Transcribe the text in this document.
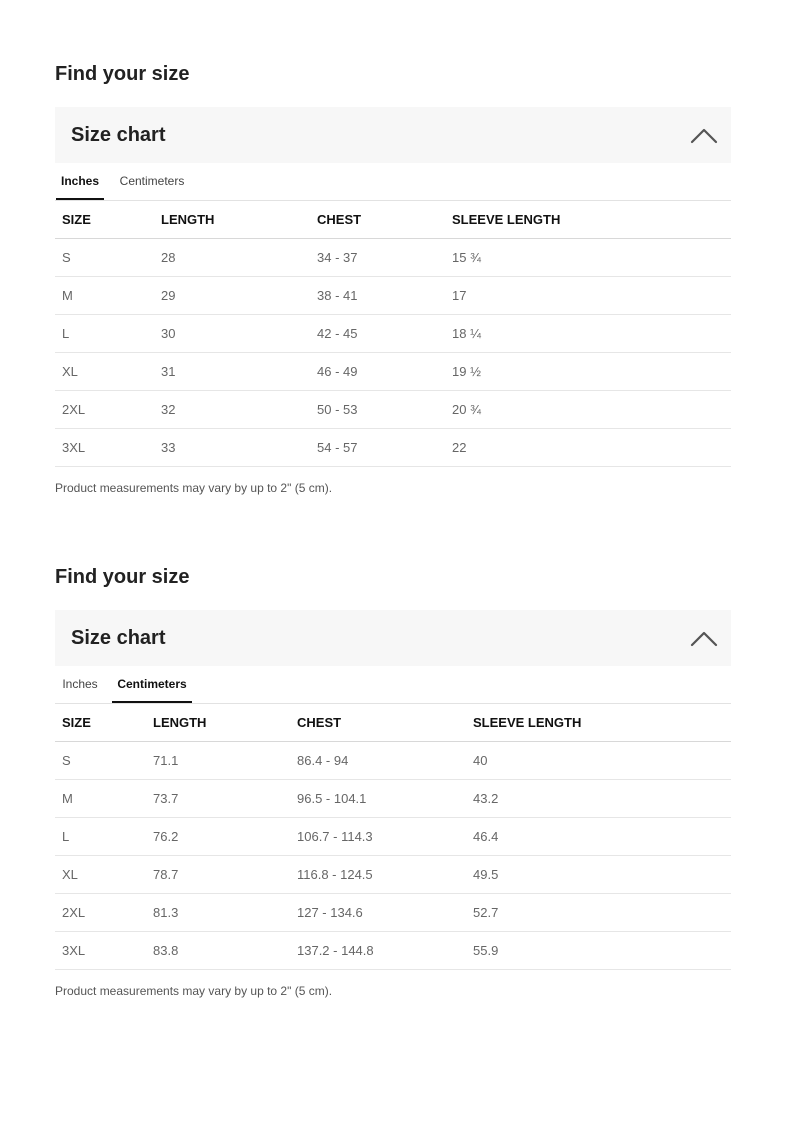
Find your size
Size chart
Inches	Centimeters
SIZE	LENGTH	CHEST	SLEEVE LENGTH
S	28	34 - 37	15 ¾
M	29	38 - 41	17
L	30	42 - 45	18 ¼
XL	31	46 - 49	19 ½
2XL	32	50 - 53	20 ¾
3XL	33	54 - 57	22
Product measurements may vary by up to 2" (5 cm).
Find your size
Size chart
Inches	Centimeters
SIZE	LENGTH	CHEST	SLEEVE LENGTH
S	71.1	86.4 - 94	40
M	73.7	96.5 - 104.1	43.2
L	76.2	106.7 - 114.3	46.4
XL	78.7	116.8 - 124.5	49.5
2XL	81.3	127 - 134.6	52.7
3XL	83.8	137.2 - 144.8	55.9
Product measurements may vary by up to 2" (5 cm).
